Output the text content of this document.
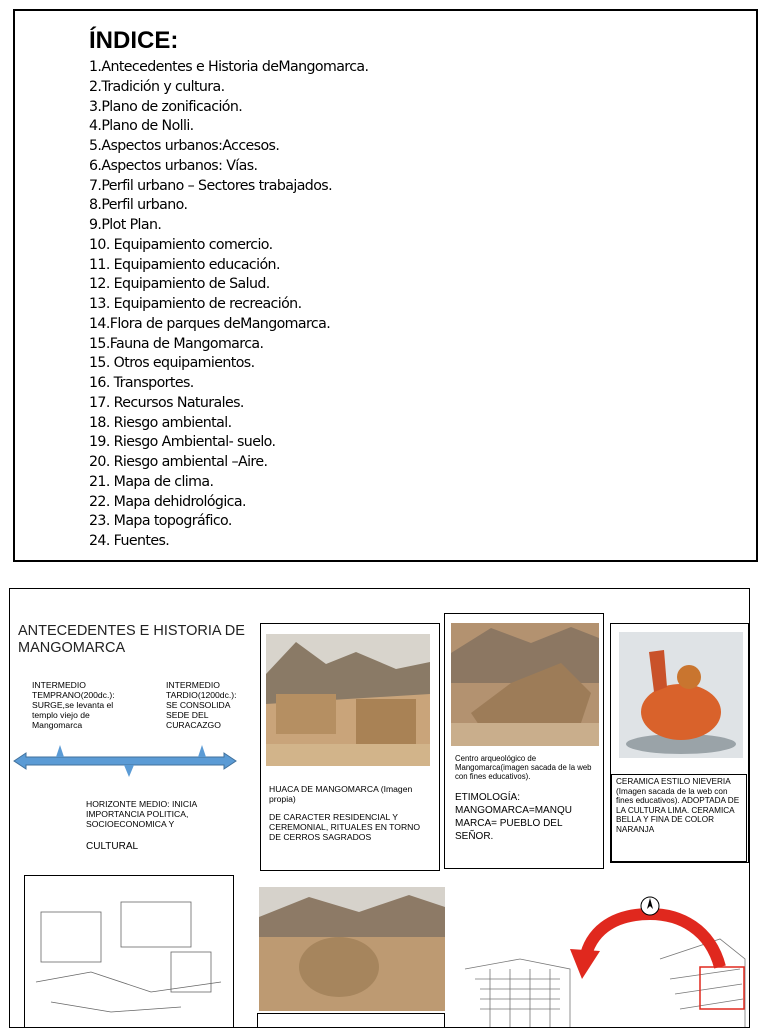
ÍNDICE:
1.Antecedentes e Historia deMangomarca.
2.Tradición y cultura.
3.Plano de zonificación.
4.Plano de Nolli.
5.Aspectos urbanos:Accesos.
6.Aspectos urbanos: Vías.
7.Perfil urbano – Sectores trabajados.
8.Perfil urbano.
9.Plot Plan.
10. Equipamiento comercio.
11. Equipamiento educación.
12. Equipamiento de Salud.
13. Equipamiento de recreación.
14.Flora de parques deMangomarca.
15.Fauna de Mangomarca.
15. Otros equipamientos.
16. Transportes.
17. Recursos Naturales.
18. Riesgo ambiental.
19. Riesgo Ambiental- suelo.
20. Riesgo ambiental –Aire.
21. Mapa de clima.
22. Mapa dehidrológica.
23. Mapa topográfico.
24. Fuentes.
ANTECEDENTES E HISTORIA DE MANGOMARCA
INTERMEDIO TEMPRANO(200dc.): SURGE,se levanta el templo viejo de Mangomarca
INTERMEDIO TARDIO(1200dc.): SE CONSOLIDA SEDE DEL CURACAZGO
HORIZONTE MEDIO: INICIA IMPORTANCIA POLITICA, SOCIOECONOMICA Y
CULTURAL
HUACA DE MANGOMARCA (Imagen propia)
DE CARACTER RESIDENCIAL Y CEREMONIAL, RITUALES EN TORNO DE CERROS SAGRADOS
Centro arqueológico de Mangomarca(imagen sacada de la web con fines educativos).
ETIMOLOGÍA: MANGOMARCA=MANQU MARCA= PUEBLO DEL SEÑOR.
CERAMICA ESTILO NIEVERIA (Imagen sacada de la web con fines educativos). ADOPTADA DE LA CULTURA LIMA. CERAMICA BELLA Y FINA DE COLOR NARANJA
